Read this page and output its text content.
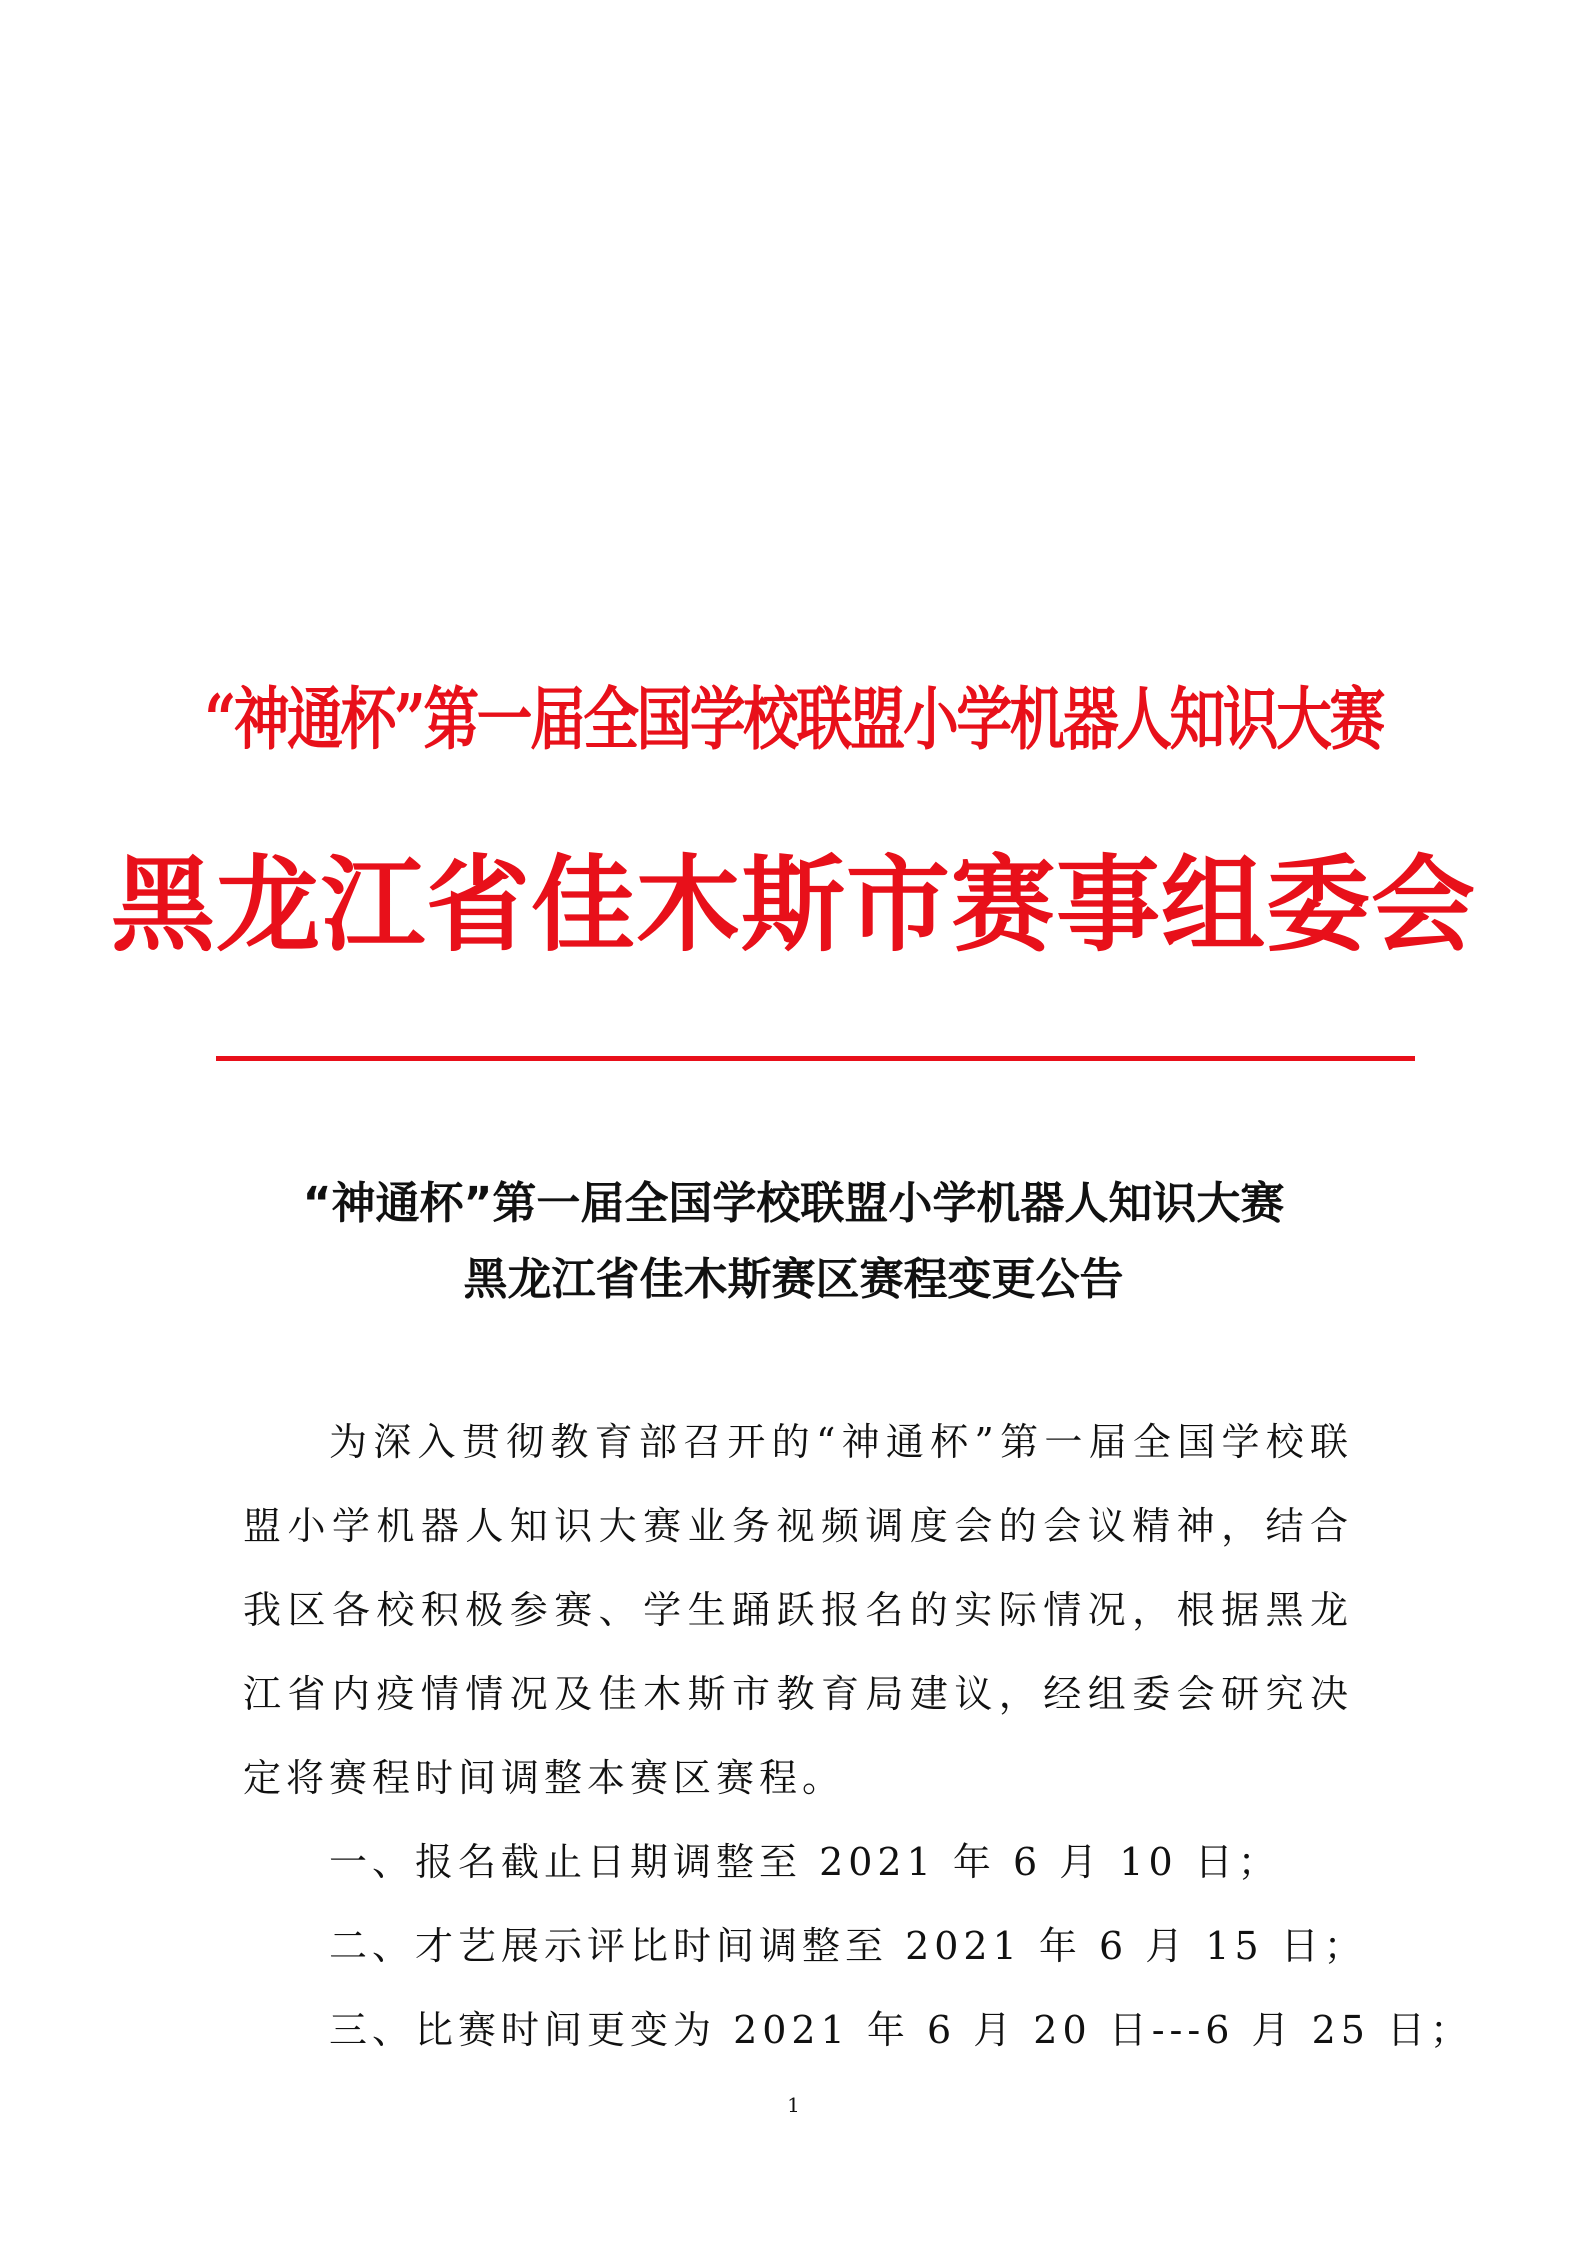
“神通杯”第一届全国学校联盟小学机器人知识大赛
黑龙江省佳木斯市赛事组委会
“神通杯”第一届全国学校联盟小学机器人知识大赛
黑龙江省佳木斯赛区赛程变更公告

为深入贯彻教育部召开的“神通杯”第一届全国学校联盟小学机器人知识大赛业务视频调度会的会议精神，结合我区各校积极参赛、学生踊跃报名的实际情况，根据黑龙江省内疫情情况及佳木斯市教育局建议，经组委会研究决定将赛程时间调整本赛区赛程。

一、报名截止日期调整至 2021 年 6 月 10 日；

二、才艺展示评比时间调整至 2021 年 6 月 15 日；

三、比赛时间更变为 2021 年 6 月 20 日---6 月 25 日；

1
